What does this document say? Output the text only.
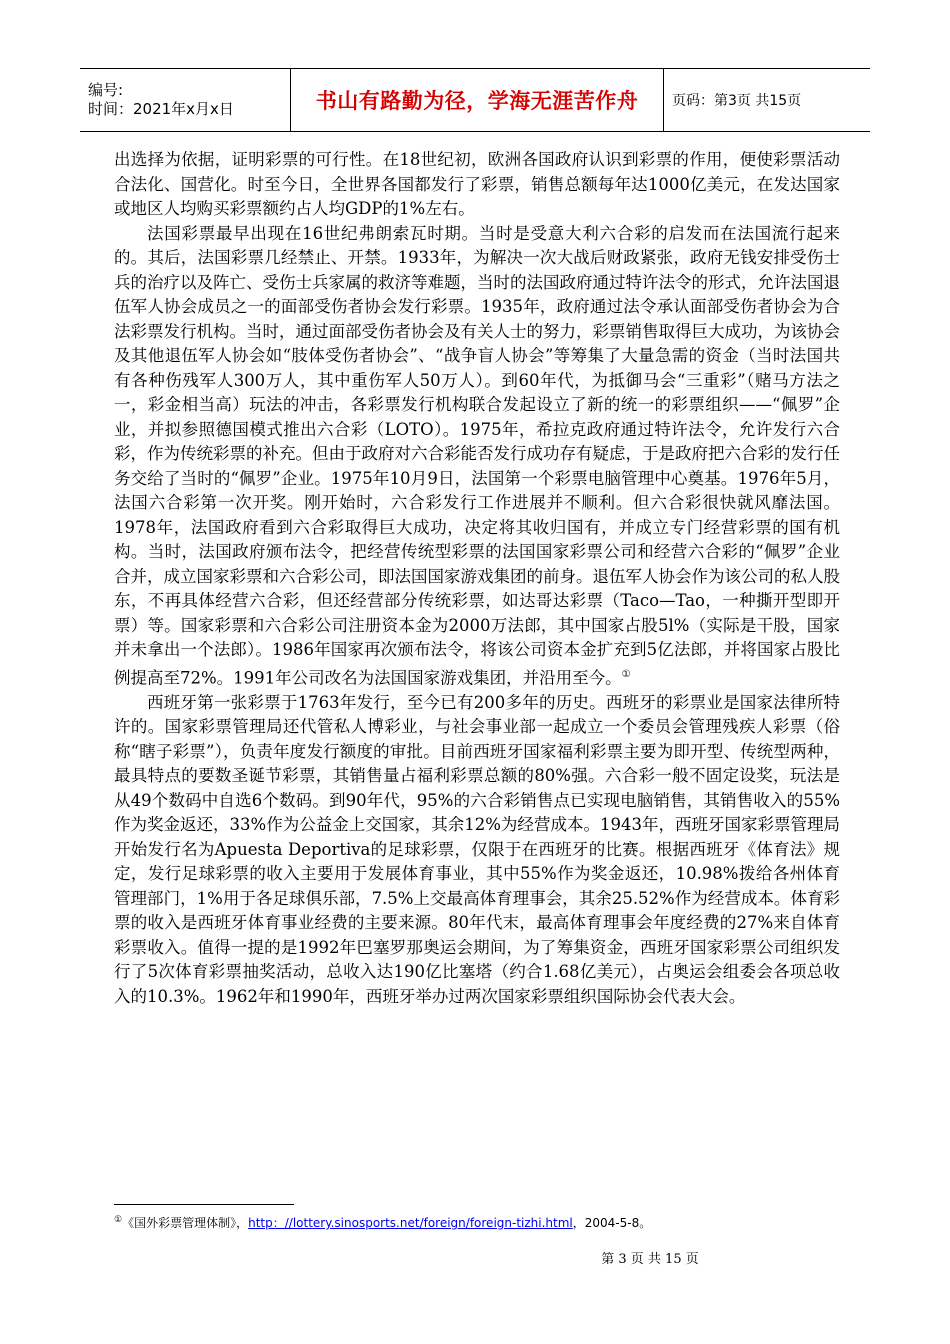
编号:
时间：2021年x月x日	书山有路勤为径，学海无涯苦作舟	页码：第3页 共15页

出选择为依据，证明彩票的可行性。在18世纪初，欧洲各国政府认识到彩票的作用，便使彩票活动合法化、国营化。时至今日，全世界各国都发行了彩票，销售总额每年达1000亿美元，在发达国家或地区人均购买彩票额约占人均GDP的1%左右。

法国彩票最早出现在16世纪弗朗索瓦时期。当时是受意大利六合彩的启发而在法国流行起来的。其后，法国彩票几经禁止、开禁。1933年，为解决一次大战后财政紧张，政府无钱安排受伤士兵的治疗以及阵亡、受伤士兵家属的救济等难题，当时的法国政府通过特许法令的形式，允许法国退伍军人协会成员之一的面部受伤者协会发行彩票。1935年，政府通过法令承认面部受伤者协会为合法彩票发行机构。当时，通过面部受伤者协会及有关人士的努力，彩票销售取得巨大成功，为该协会及其他退伍军人协会如“肢体受伤者协会”、“战争盲人协会”等筹集了大量急需的资金（当时法国共有各种伤残军人300万人，其中重伤军人50万人）。到60年代，为抵御马会“三重彩”（赌马方法之一，彩金相当高）玩法的冲击，各彩票发行机构联合发起设立了新的统一的彩票组织——“佩罗”企业，并拟参照德国模式推出六合彩（LOTO）。1975年，希拉克政府通过特许法令，允许发行六合彩，作为传统彩票的补充。但由于政府对六合彩能否发行成功存有疑虑，于是政府把六合彩的发行任务交给了当时的“佩罗”企业。1975年10月9日，法国第一个彩票电脑管理中心奠基。1976年5月，法国六合彩第一次开奖。刚开始时，六合彩发行工作进展并不顺利。但六合彩很快就风靡法国。1978年，法国政府看到六合彩取得巨大成功，决定将其收归国有，并成立专门经营彩票的国有机构。当时，法国政府颁布法令，把经营传统型彩票的法国国家彩票公司和经营六合彩的“佩罗”企业合并，成立国家彩票和六合彩公司，即法国国家游戏集团的前身。退伍军人协会作为该公司的私人股东，不再具体经营六合彩，但还经营部分传统彩票，如达哥达彩票（Taco—Tao，一种撕开型即开票）等。国家彩票和六合彩公司注册资本金为2000万法郎，其中国家占股5l%（实际是干股，国家并未拿出一个法郎）。1986年国家再次颁布法令，将该公司资本金扩充到5亿法郎，并将国家占股比例提高至72%。1991年公司改名为法国国家游戏集团，并沿用至今。①

西班牙第一张彩票于1763年发行，至今已有200多年的历史。西班牙的彩票业是国家法律所特许的。国家彩票管理局还代管私人博彩业，与社会事业部一起成立一个委员会管理残疾人彩票（俗称“瞎子彩票”），负责年度发行额度的审批。目前西班牙国家福利彩票主要为即开型、传统型两种，最具特点的要数圣诞节彩票，其销售量占福利彩票总额的80%强。六合彩一般不固定设奖，玩法是从49个数码中自选6个数码。到90年代，95%的六合彩销售点已实现电脑销售，其销售收入的55%作为奖金返还，33%作为公益金上交国家，其余12%为经营成本。1943年，西班牙国家彩票管理局开始发行名为Apuesta Deportiva的足球彩票，仅限于在西班牙的比赛。根据西班牙《体育法》规定，发行足球彩票的收入主要用于发展体育事业，其中55%作为奖金返还，10.98%拨给各州体育管理部门，1%用于各足球俱乐部，7.5%上交最高体育理事会，其余25.52%作为经营成本。体育彩票的收入是西班牙体育事业经费的主要来源。80年代末，最高体育理事会年度经费的27%来自体育彩票收入。值得一提的是1992年巴塞罗那奥运会期间，为了筹集资金，西班牙国家彩票公司组织发行了5次体育彩票抽奖活动，总收入达190亿比塞塔（约合1.68亿美元），占奥运会组委会各项总收入的10.3%。1962年和1990年，西班牙举办过两次国家彩票组织国际协会代表大会。

①《国外彩票管理体制》，http：//lottery.sinosports.net/foreign/foreign-tizhi.html，2004-5-8。
第 3 页 共 15 页
